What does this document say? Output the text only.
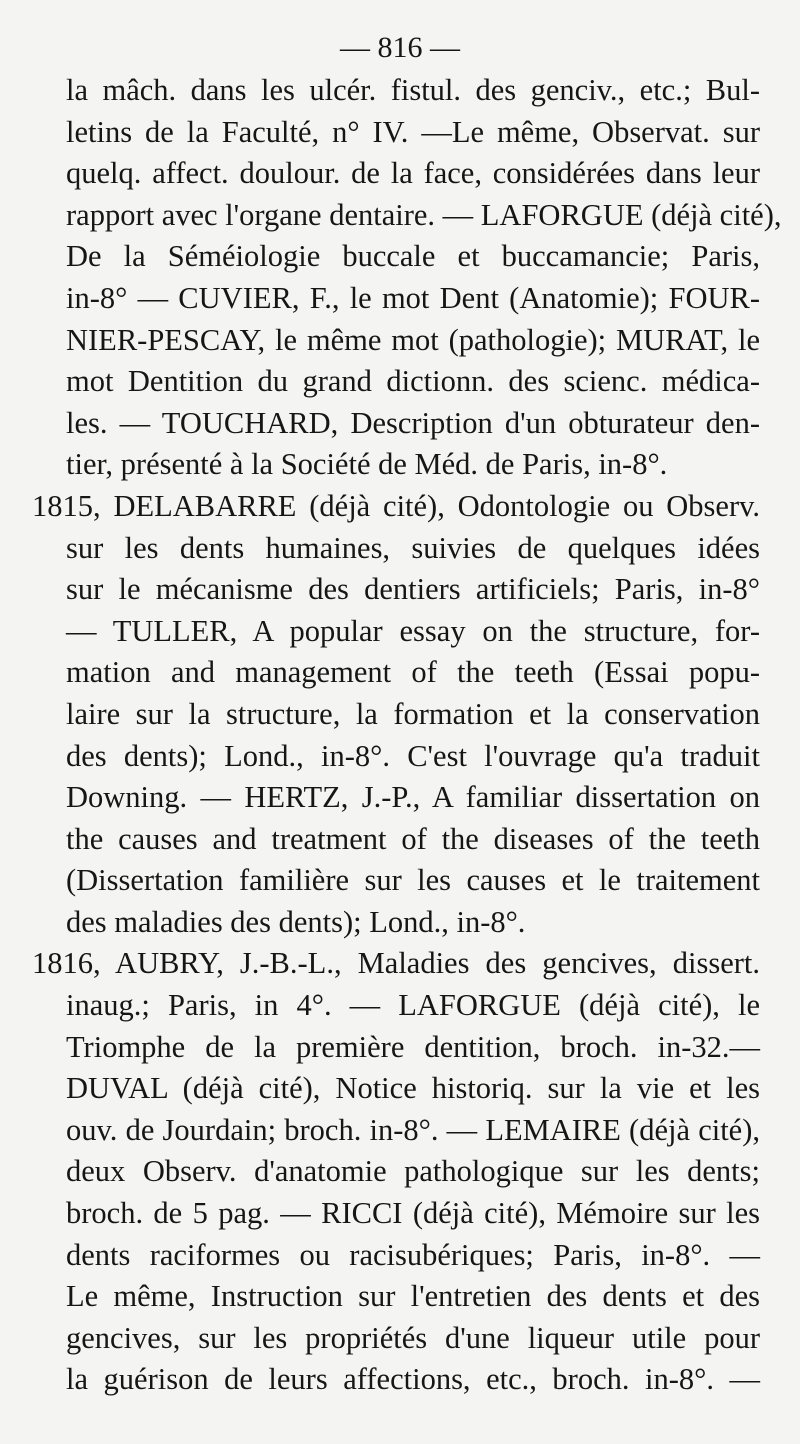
— 816 —
la mâch. dans les ulcér. fistul. des genciv., etc.; Bul-
letins de la Faculté, n° IV. —Le même, Observat. sur
quelq. affect. doulour. de la face, considérées dans leur
rapport avec l'organe dentaire. — LAFORGUE (déjà cité),
De la Séméiologie buccale et buccamancie; Paris,
in-8° — CUVIER, F., le mot Dent (Anatomie); FOUR-
NIER-PESCAY, le même mot (pathologie); MURAT, le
mot Dentition du grand dictionn. des scienc. médica-
les. — TOUCHARD, Description d'un obturateur den-
tier, présenté à la Société de Méd. de Paris, in-8°.
1815, DELABARRE (déjà cité), Odontologie ou Observ.
sur les dents humaines, suivies de quelques idées
sur le mécanisme des dentiers artificiels; Paris, in-8°
— TULLER, A popular essay on the structure, for-
mation and management of the teeth (Essai popu-
laire sur la structure, la formation et la conservation
des dents); Lond., in-8°. C'est l'ouvrage qu'a traduit
Downing. — HERTZ, J.-P., A familiar dissertation on
the causes and treatment of the diseases of the teeth
(Dissertation familière sur les causes et le traitement
des maladies des dents); Lond., in-8°.
1816, AUBRY, J.-B.-L., Maladies des gencives, dissert.
inaug.; Paris, in 4°. — LAFORGUE (déjà cité), le
Triomphe de la première dentition, broch. in-32.—
DUVAL (déjà cité), Notice historiq. sur la vie et les
ouv. de Jourdain; broch. in-8°. — LEMAIRE (déjà cité),
deux Observ. d'anatomie pathologique sur les dents;
broch. de 5 pag. — RICCI (déjà cité), Mémoire sur les
dents raciformes ou racisubériques; Paris, in-8°. —
Le même, Instruction sur l'entretien des dents et des
gencives, sur les propriétés d'une liqueur utile pour
la guérison de leurs affections, etc., broch. in-8°. —
